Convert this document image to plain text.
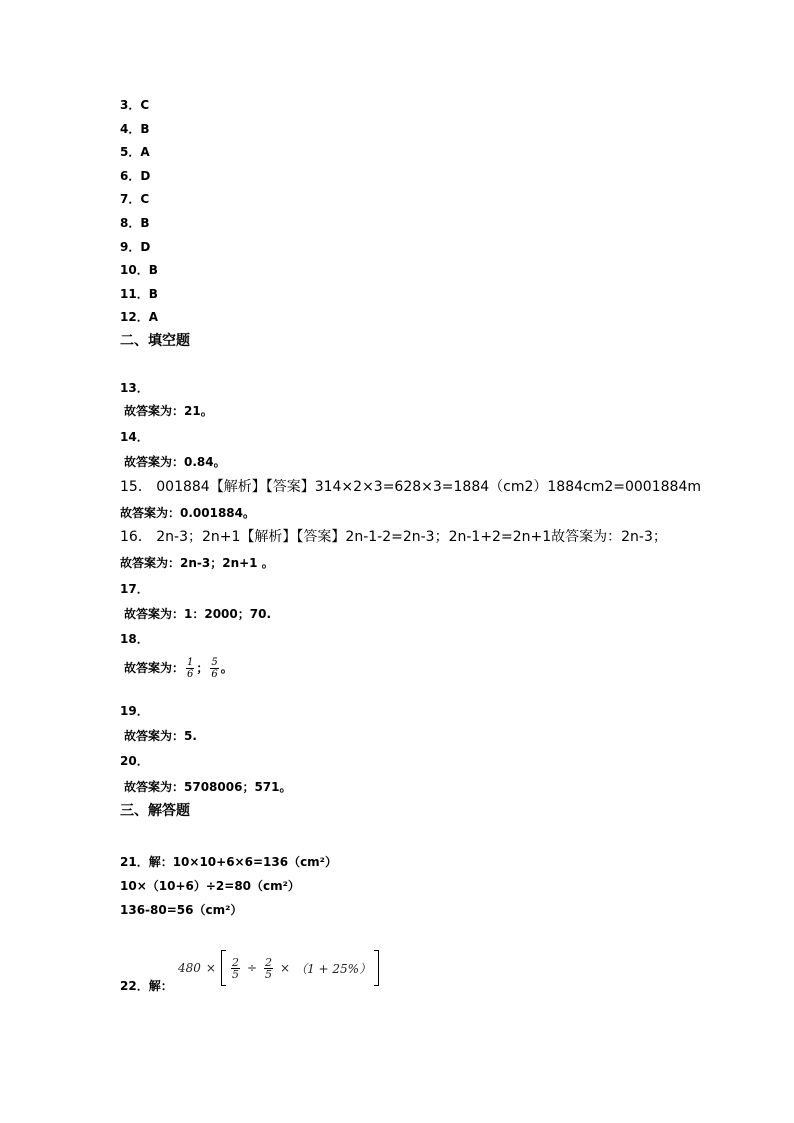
3．C
4．B
5．A
6．D
7．C
8．B
9．D
10．B
11．B
12．A
二、填空题
13．
故答案为：21。
14．
故答案为：0.84。
15． 001884【解析】【答案】314×2×3=628×3=1884（cm2）1884cm2=0001884m
故答案为：0.001884。
16． 2n-3；2n+1【解析】【答案】2n-1-2=2n-3；2n-1+2=2n+1故答案为：2n-3；
故答案为：2n-3；2n+1 。
17．
故答案为：1：2000；70.
18．
故答案为： $\frac{1}{6}$ ； $\frac{5}{6}$ 。
19．
故答案为：5.
20．
故答案为：5708006；571。
三、解答题
21．解：10×10+6×6=136（cm²）
10×（10+6）÷2=80（cm²）
136-80=56（cm²）
22．解：
$480 \times \frac{2}{5} \div \frac{2}{5} \times (1 + 25\%)$
